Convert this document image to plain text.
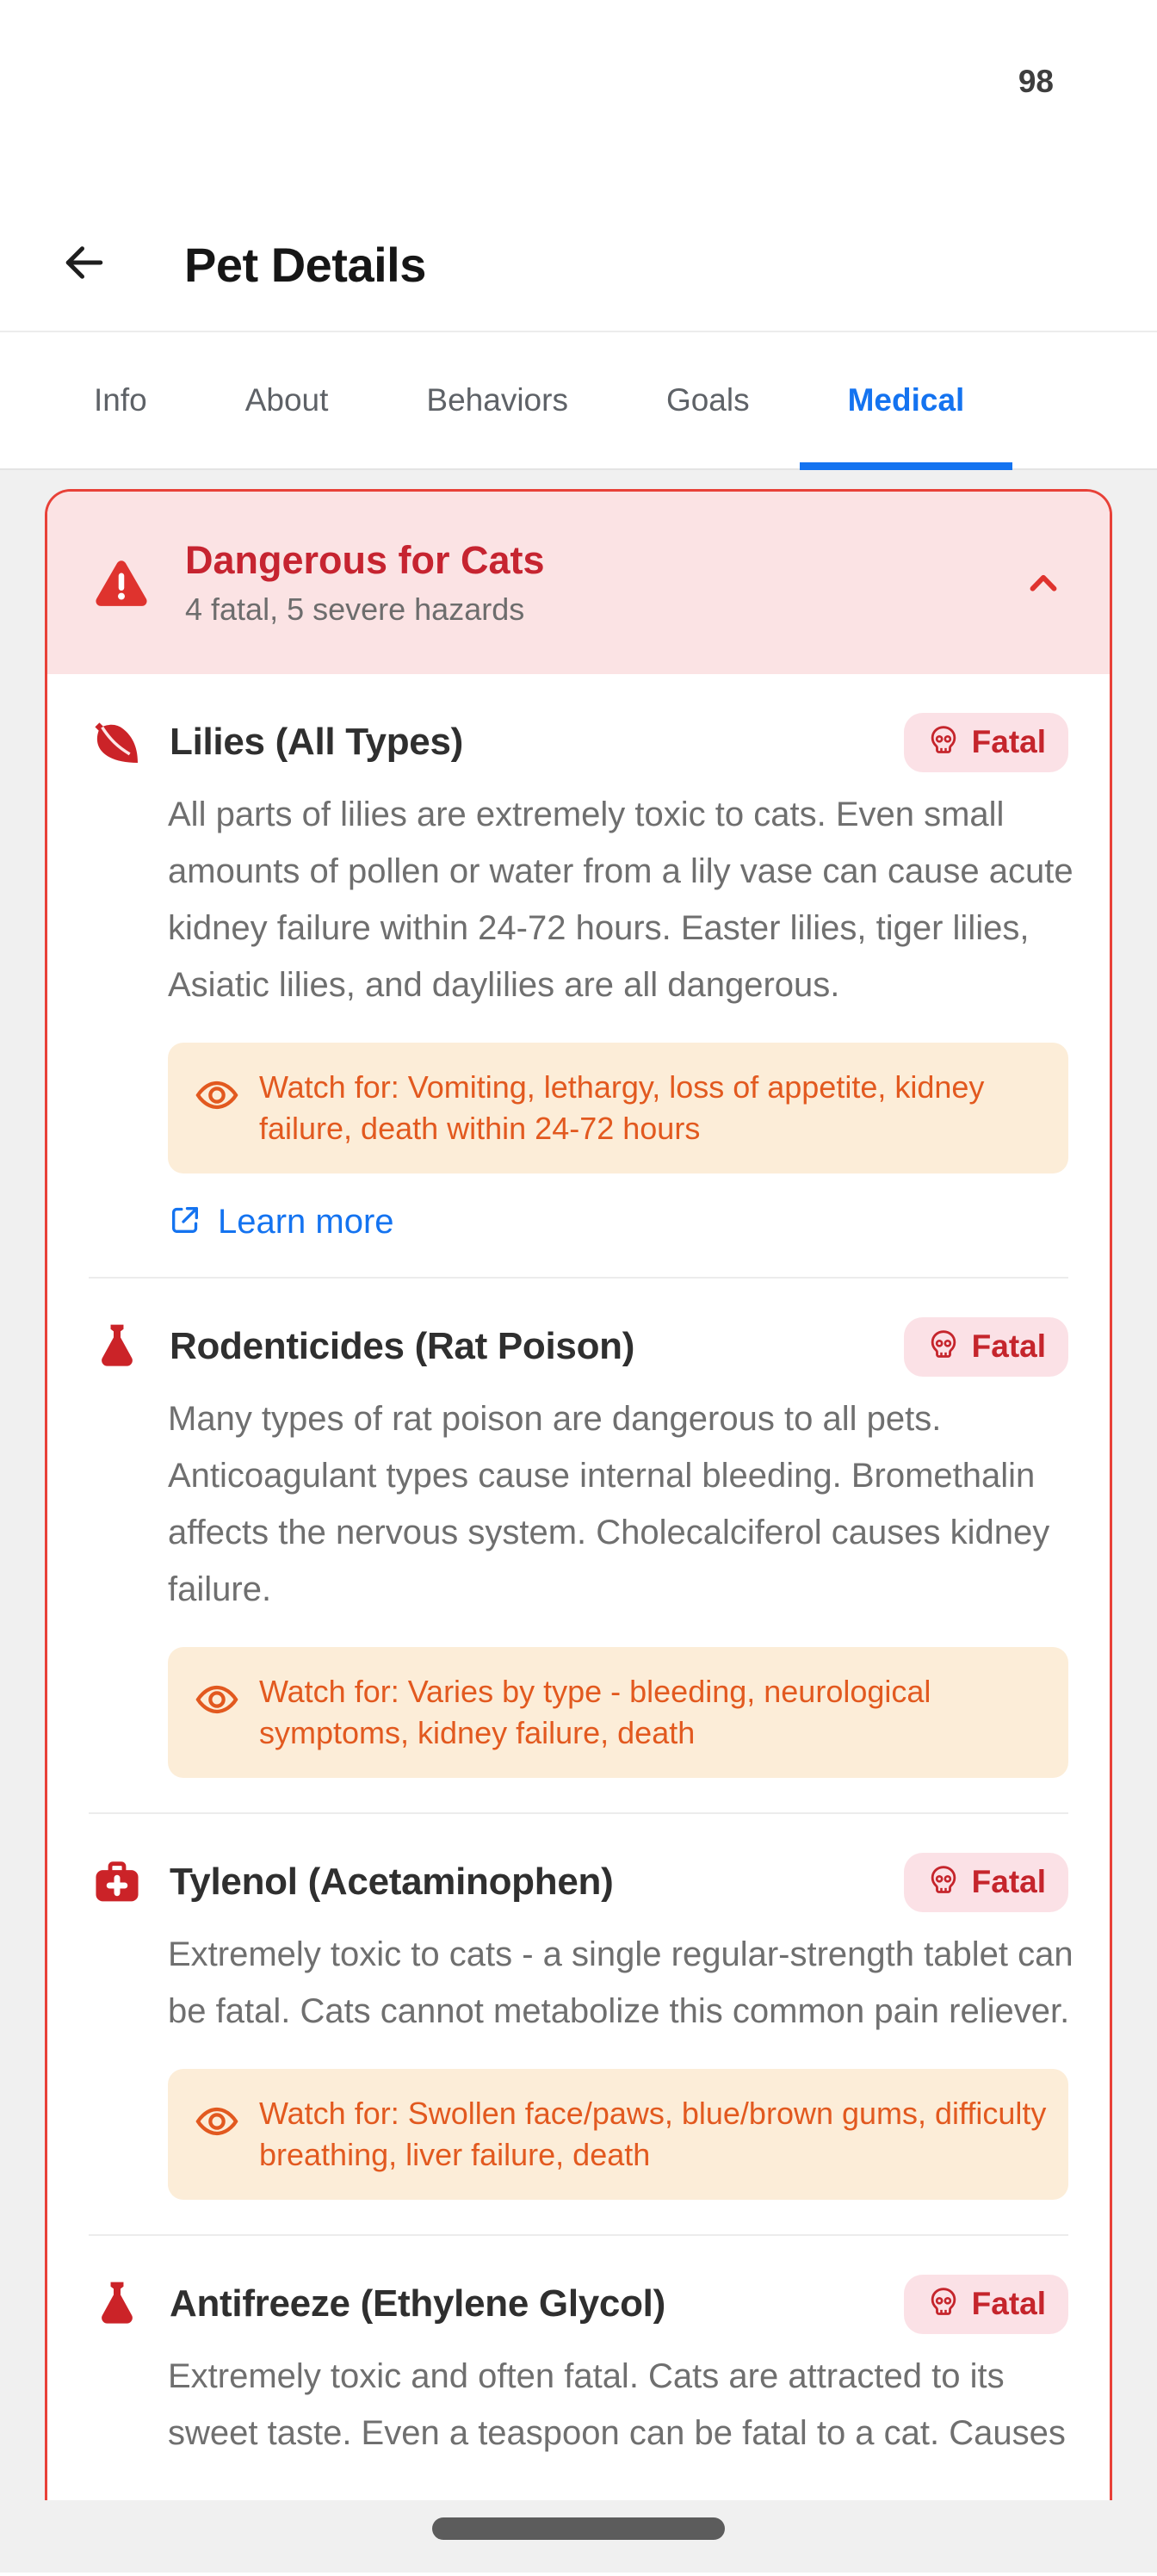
98
Pet Details
Info	About	Behaviors	Goals	Medical
Dangerous for Cats
4 fatal, 5 severe hazards
Lilies (All Types)	Fatal
All parts of lilies are extremely toxic to cats. Even small amounts of pollen or water from a lily vase can cause acute kidney failure within 24-72 hours. Easter lilies, tiger lilies, Asiatic lilies, and daylilies are all dangerous.
Watch for: Vomiting, lethargy, loss of appetite, kidney failure, death within 24-72 hours
Learn more
Rodenticides (Rat Poison)	Fatal
Many types of rat poison are dangerous to all pets. Anticoagulant types cause internal bleeding. Bromethalin affects the nervous system. Cholecalciferol causes kidney failure.
Watch for: Varies by type - bleeding, neurological symptoms, kidney failure, death
Tylenol (Acetaminophen)	Fatal
Extremely toxic to cats - a single regular-strength tablet can be fatal. Cats cannot metabolize this common pain reliever.
Watch for: Swollen face/paws, blue/brown gums, difficulty breathing, liver failure, death
Antifreeze (Ethylene Glycol)	Fatal
Extremely toxic and often fatal. Cats are attracted to its sweet taste. Even a teaspoon can be fatal to a cat. Causes
